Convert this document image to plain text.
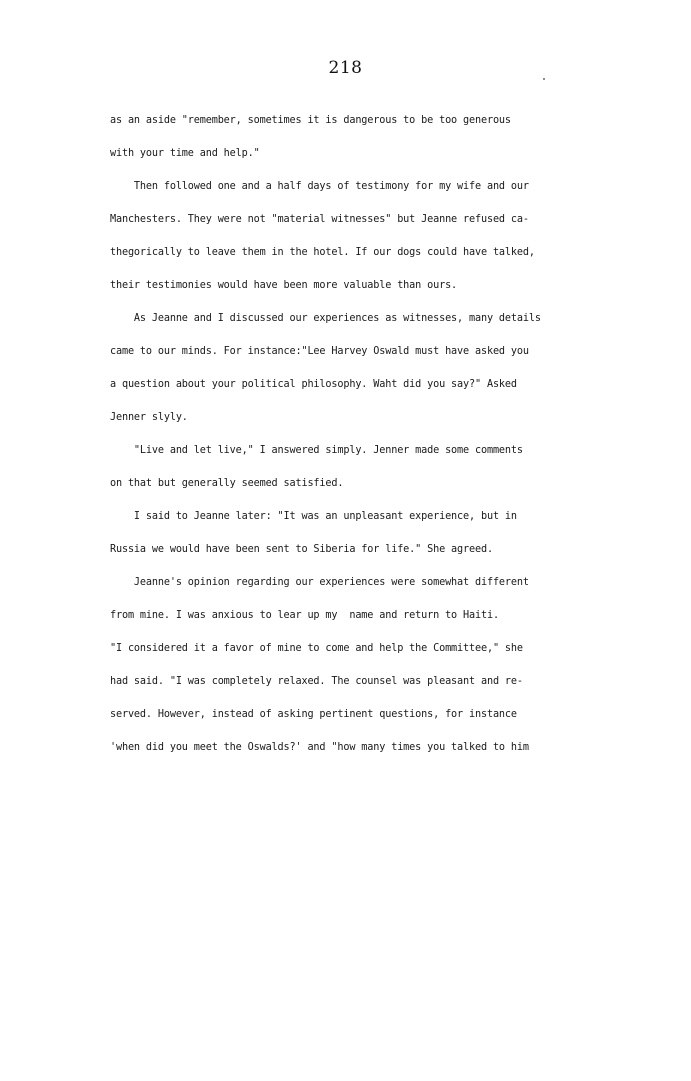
218
as an aside "remember, sometimes it is dangerous to be too generous
with your time and help."
Then followed one and a half days of testimony for my wife and our
Manchesters. They were not "material witnesses" but Jeanne refused ca-
thegorically to leave them in the hotel. If our dogs could have talked,
their testimonies would have been more valuable than ours.
As Jeanne and I discussed our experiences as witnesses, many details
came to our minds. For instance:"Lee Harvey Oswald must have asked you
a question about your political philosophy. Waht did you say?" Asked
Jenner slyly.
"Live and let live," I answered simply. Jenner made some comments
on that but generally seemed satisfied.
I said to Jeanne later: "It was an unpleasant experience, but in
Russia we would have been sent to Siberia for life." She agreed.
Jeanne's opinion regarding our experiences were somewhat different
from mine. I was anxious to lear up my  name and return to Haiti.
"I considered it a favor of mine to come and help the Committee," she
had said. "I was completely relaxed. The counsel was pleasant and re-
served. However, instead of asking pertinent questions, for instance
'when did you meet the Oswalds?' and "how many times you talked to him
